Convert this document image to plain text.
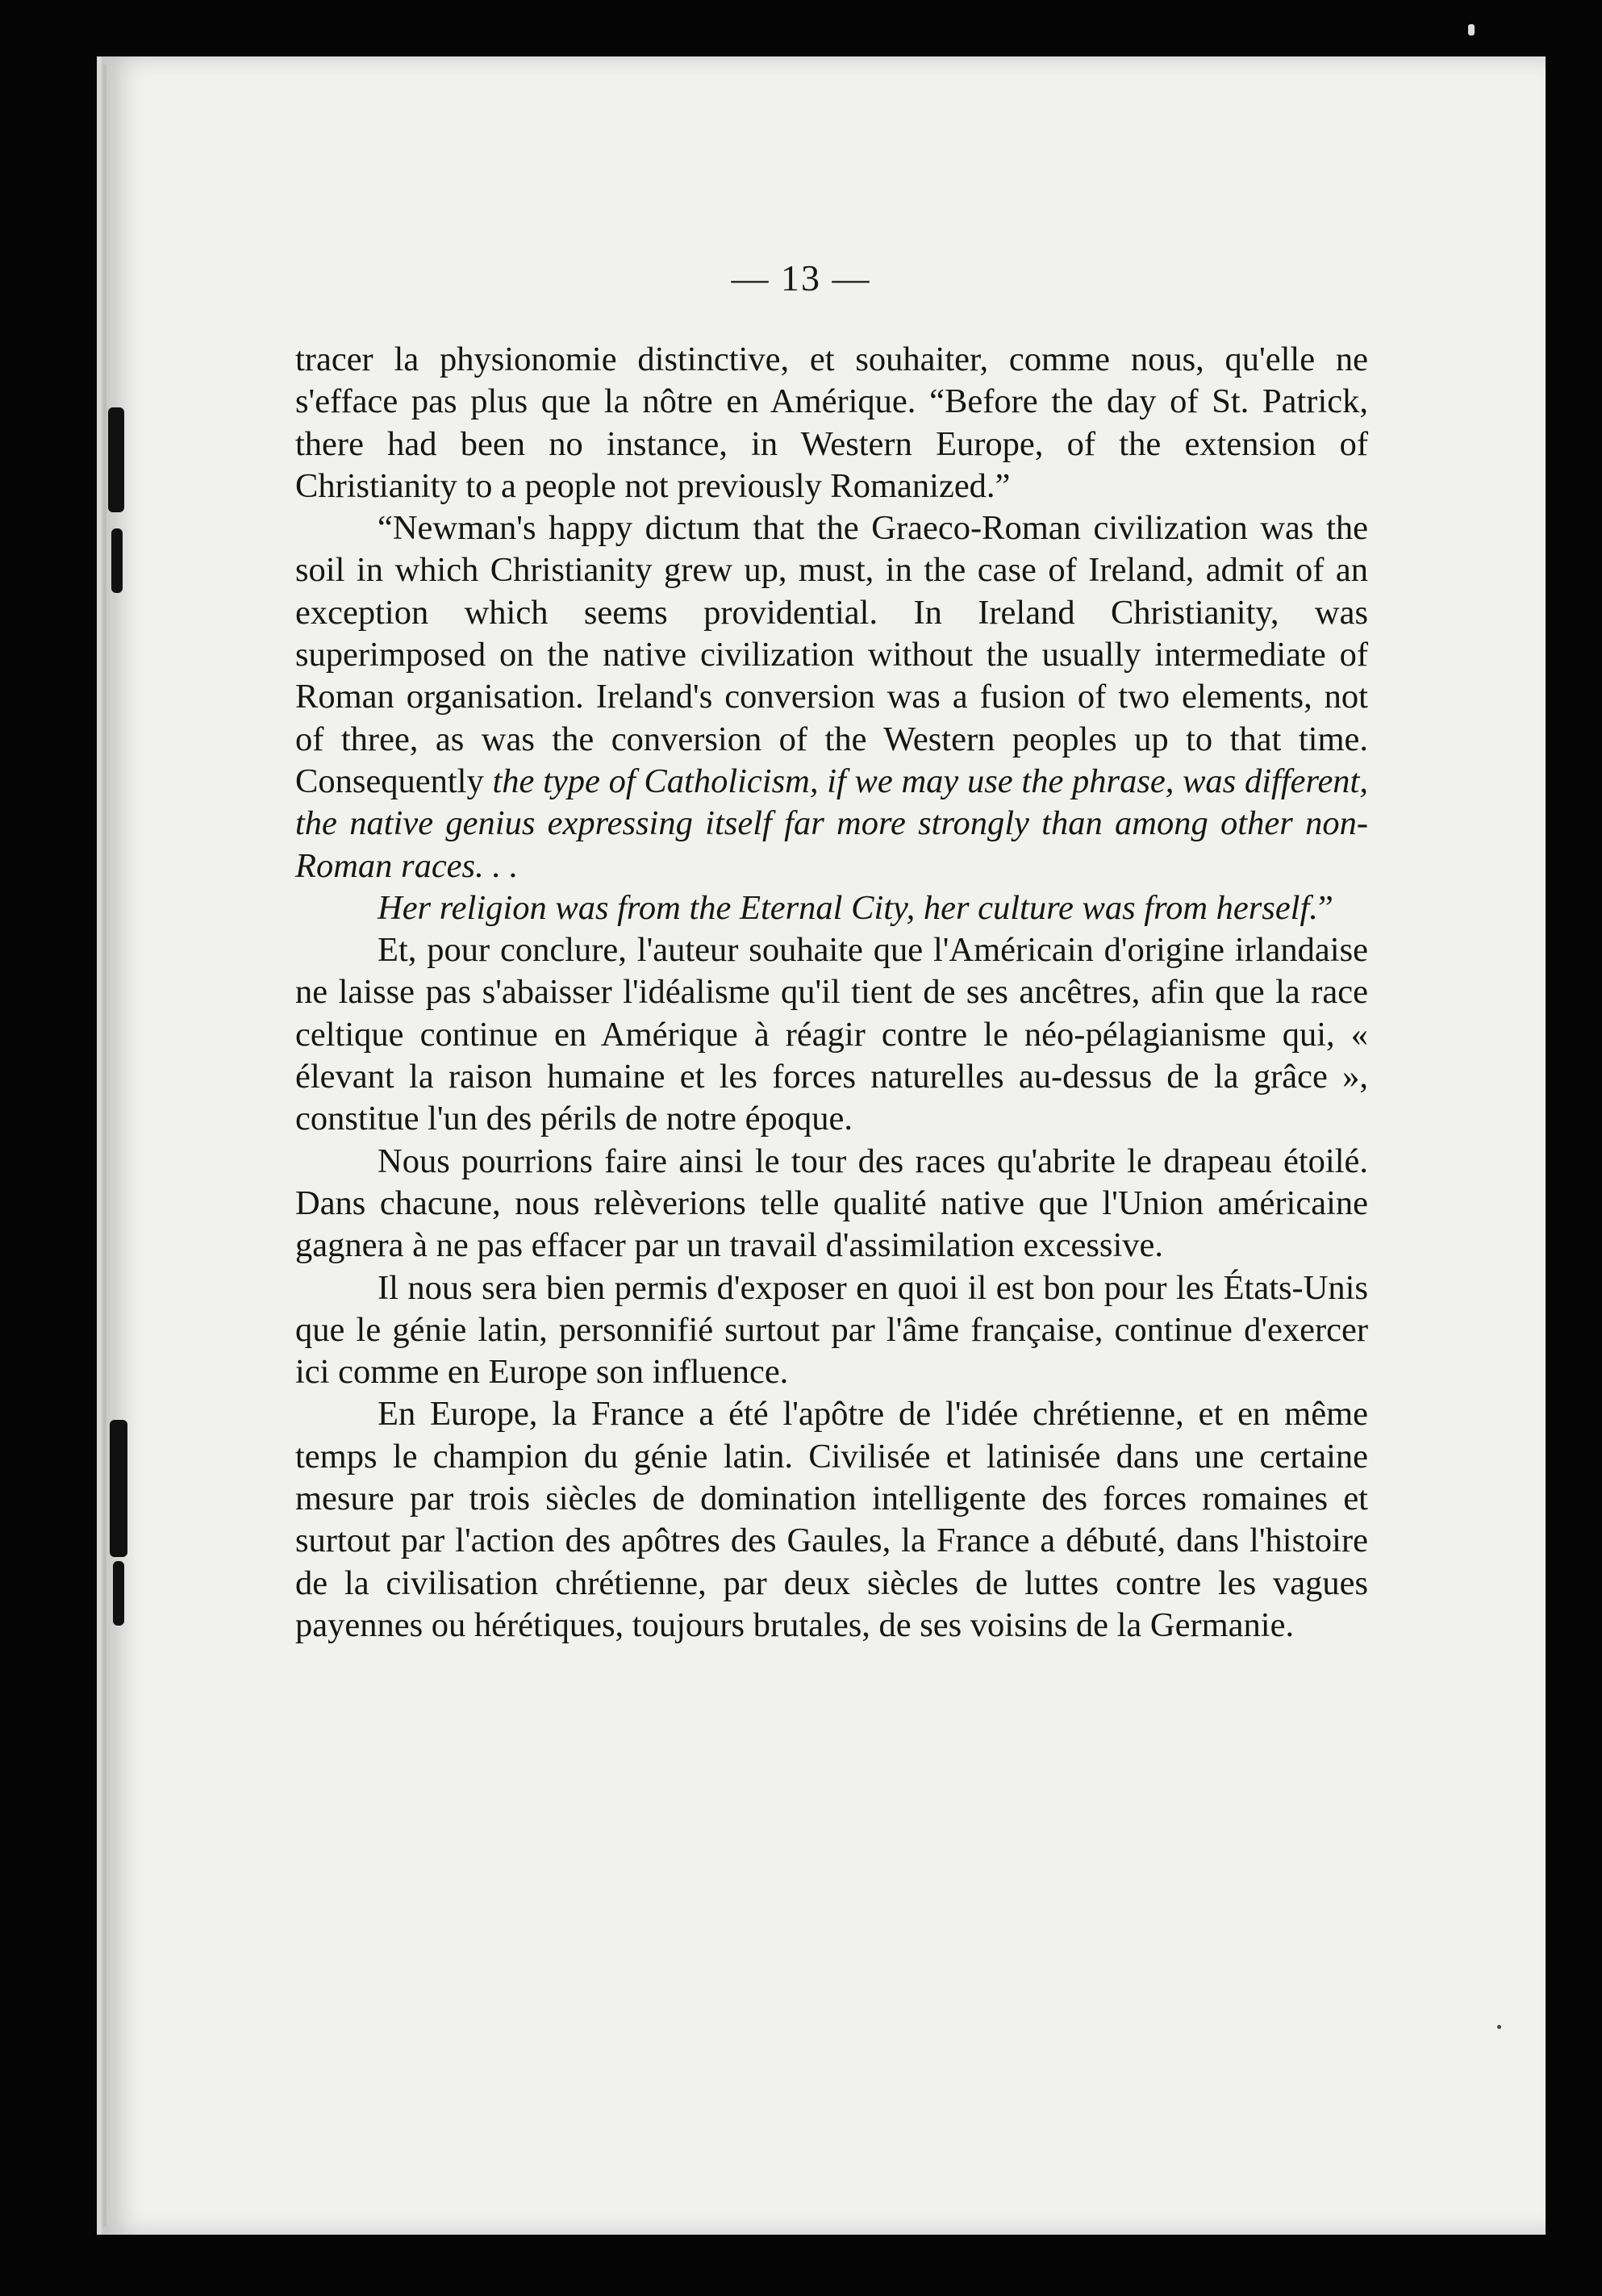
— 13 —

tracer la physionomie distinctive, et souhaiter, comme nous, qu'elle ne s'efface pas plus que la nôtre en Amérique. “Before the day of St. Patrick, there had been no instance, in Western Europe, of the extension of Christianity to a people not previously Romanized.”

“Newman's happy dictum that the Graeco-Roman civilization was the soil in which Christianity grew up, must, in the case of Ireland, admit of an exception which seems providential. In Ireland Christianity, was superimposed on the native civilization without the usually intermediate of Roman organisation. Ireland's conversion was a fusion of two elements, not of three, as was the conversion of the Western peoples up to that time. Consequently the type of Catholicism, if we may use the phrase, was different, the native genius expressing itself far more strongly than among other non-Roman races. . .

Her religion was from the Eternal City, her culture was from herself.”

Et, pour conclure, l'auteur souhaite que l'Américain d'origine irlandaise ne laisse pas s'abaisser l'idéalisme qu'il tient de ses ancêtres, afin que la race celtique continue en Amérique à réagir contre le néo-pélagianisme qui, « élevant la raison humaine et les forces naturelles au-dessus de la grâce », constitue l'un des périls de notre époque.

Nous pourrions faire ainsi le tour des races qu'abrite le drapeau étoilé. Dans chacune, nous relèverions telle qualité native que l'Union américaine gagnera à ne pas effacer par un travail d'assimilation excessive.

Il nous sera bien permis d'exposer en quoi il est bon pour les États-Unis que le génie latin, personnifié surtout par l'âme française, continue d'exercer ici comme en Europe son influence.

En Europe, la France a été l'apôtre de l'idée chrétienne, et en même temps le champion du génie latin. Civilisée et latinisée dans une certaine mesure par trois siècles de domination intelligente des forces romaines et surtout par l'action des apôtres des Gaules, la France a débuté, dans l'histoire de la civilisation chrétienne, par deux siècles de luttes contre les vagues payennes ou hérétiques, toujours brutales, de ses voisins de la Germanie.
